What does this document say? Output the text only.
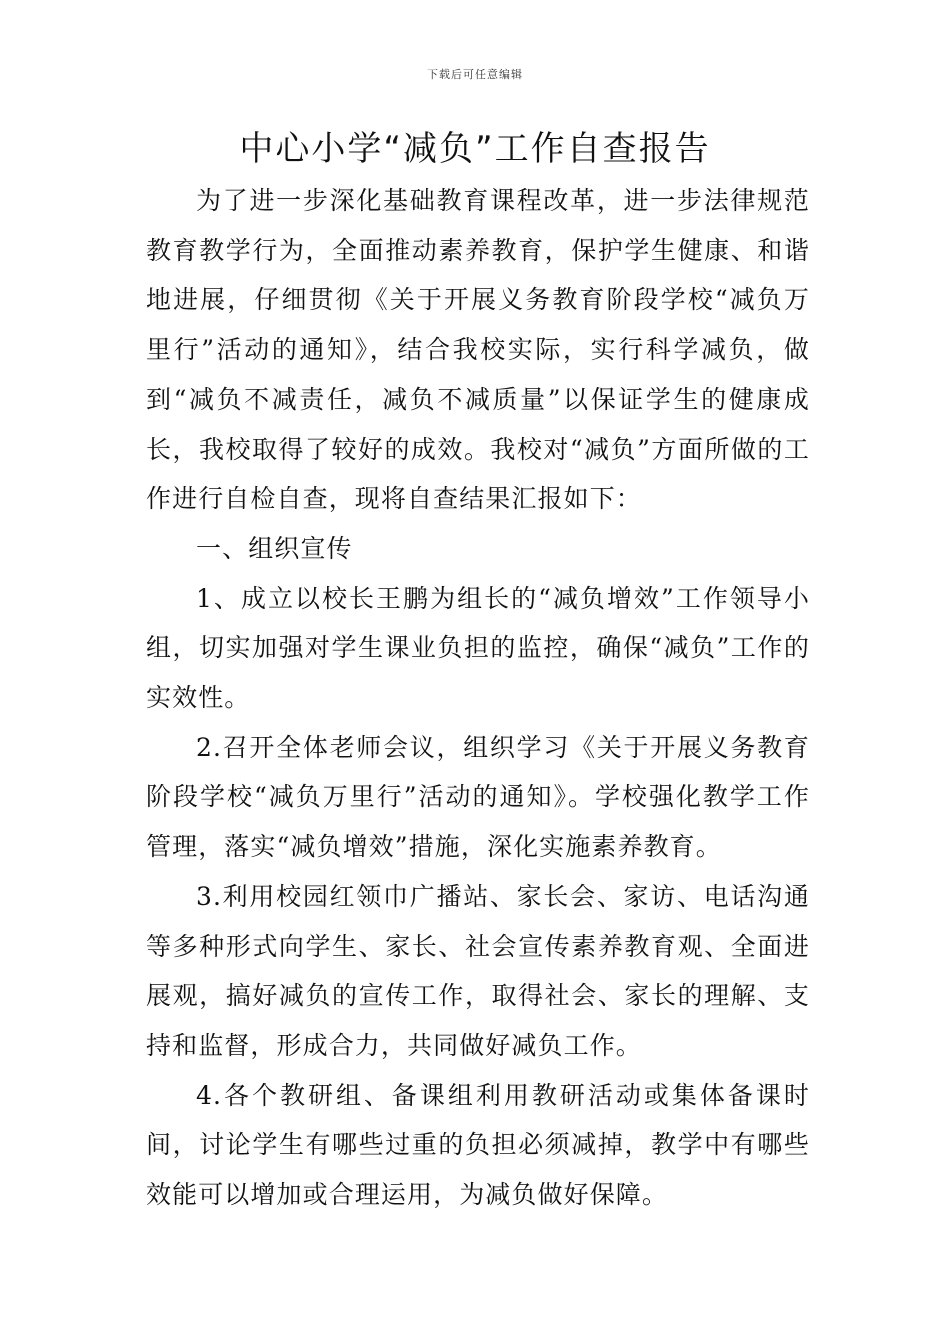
下载后可任意编辑
中心小学“减负”工作自查报告

为了进一步深化基础教育课程改革，进一步法律规范教育教学行为，全面推动素养教育，保护学生健康、和谐地进展，仔细贯彻《关于开展义务教育阶段学校“减负万里行”活动的通知》，结合我校实际，实行科学减负，做到“减负不减责任，减负不减质量”以保证学生的健康成长，我校取得了较好的成效。我校对“减负”方面所做的工作进行自检自查，现将自查结果汇报如下：

一、组织宣传

1、成立以校长王鹏为组长的“减负增效”工作领导小组，切实加强对学生课业负担的监控，确保“减负”工作的实效性。

2.召开全体老师会议，组织学习《关于开展义务教育阶段学校“减负万里行”活动的通知》。学校强化教学工作管理，落实“减负增效”措施，深化实施素养教育。

3.利用校园红领巾广播站、家长会、家访、电话沟通等多种形式向学生、家长、社会宣传素养教育观、全面进展观，搞好减负的宣传工作，取得社会、家长的理解、支持和监督，形成合力，共同做好减负工作。

4.各个教研组、备课组利用教研活动或集体备课时间，讨论学生有哪些过重的负担必须减掉，教学中有哪些效能可以增加或合理运用，为减负做好保障。
